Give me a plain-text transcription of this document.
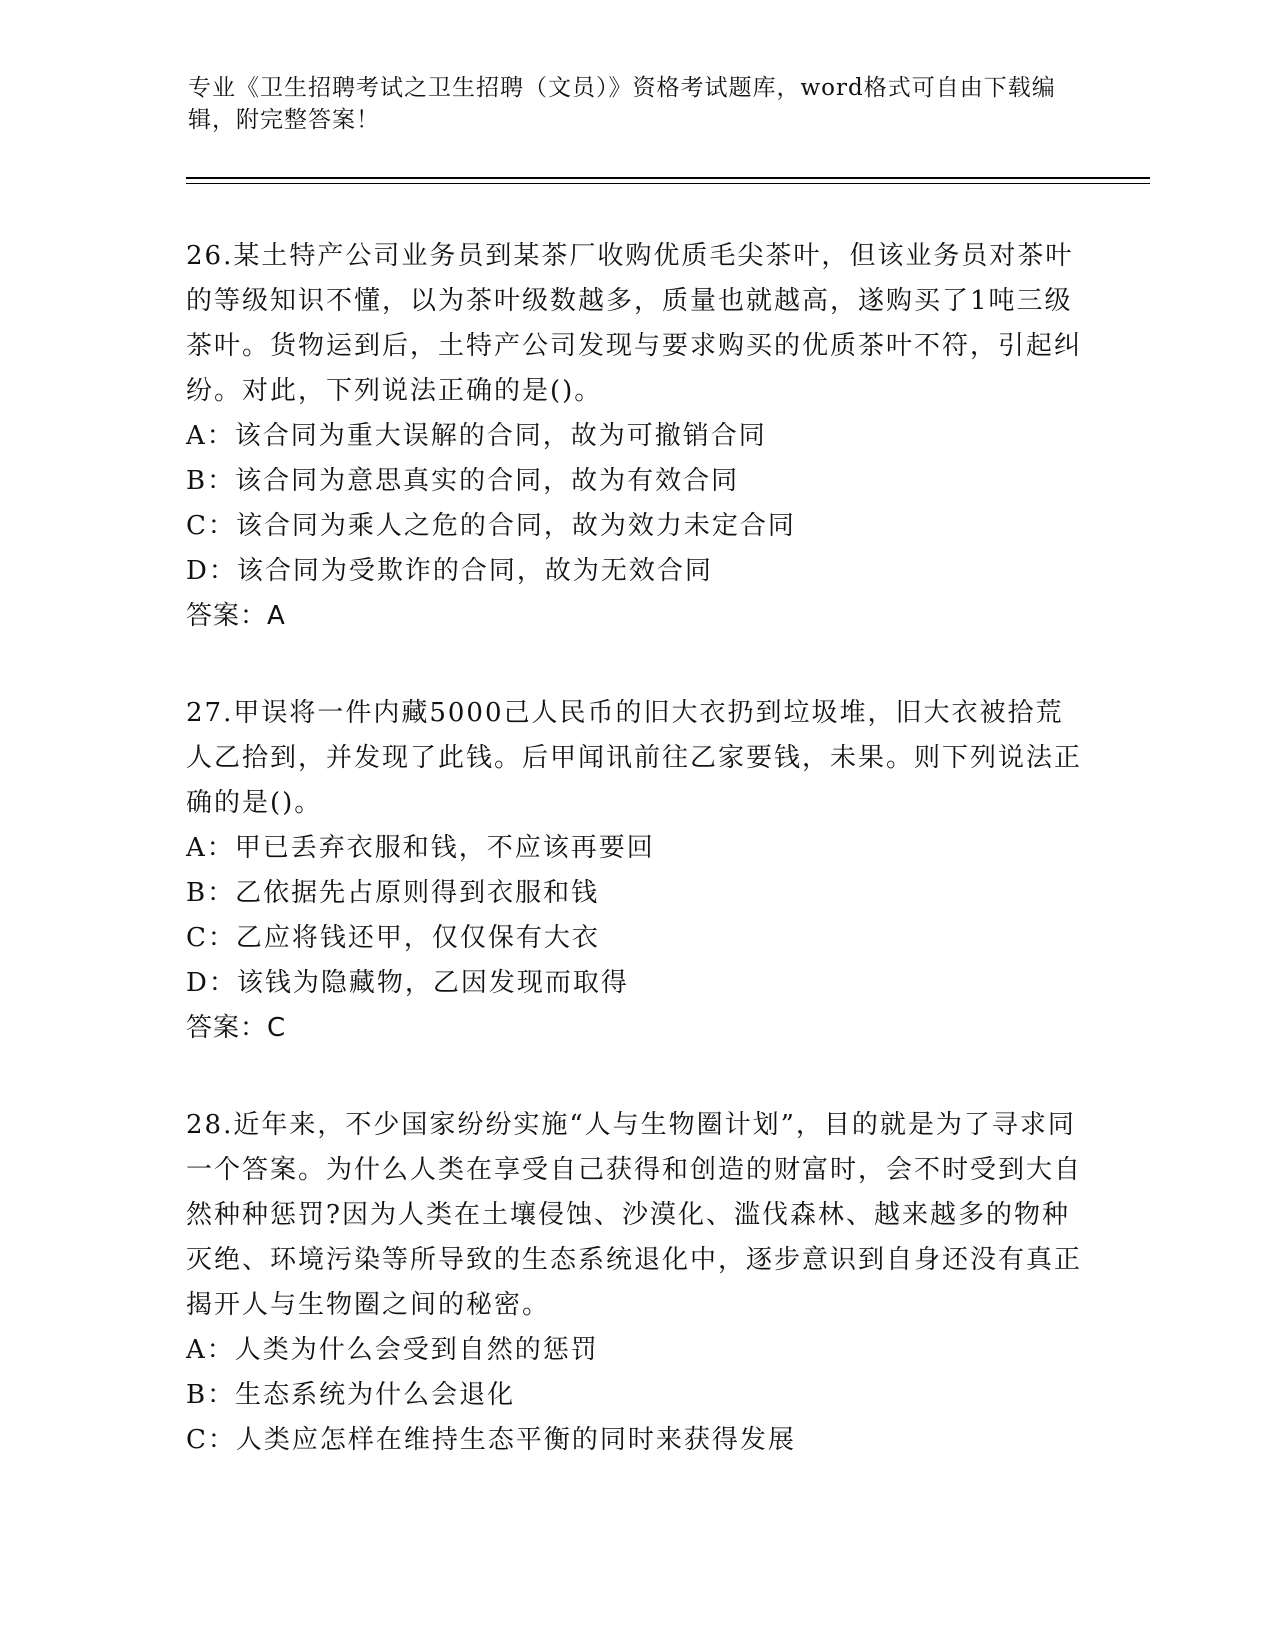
专业《卫生招聘考试之卫生招聘（文员）》资格考试题库，word格式可自由下载编辑，附完整答案！

26.某土特产公司业务员到某茶厂收购优质毛尖茶叶，但该业务员对茶叶的等级知识不懂，以为茶叶级数越多，质量也就越高，遂购买了1吨三级茶叶。货物运到后，土特产公司发现与要求购买的优质茶叶不符，引起纠纷。对此，下列说法正确的是()。

A：该合同为重大误解的合同，故为可撤销合同

B：该合同为意思真实的合同，故为有效合同

C：该合同为乘人之危的合同，故为效力未定合同

D：该合同为受欺诈的合同，故为无效合同

答案：A

27.甲误将一件内藏5000己人民币的旧大衣扔到垃圾堆，旧大衣被拾荒人乙拾到，并发现了此钱。后甲闻讯前往乙家要钱，未果。则下列说法正确的是()。

A：甲已丢弃衣服和钱，不应该再要回

B：乙依据先占原则得到衣服和钱

C：乙应将钱还甲，仅仅保有大衣

D：该钱为隐藏物，乙因发现而取得

答案：C

28.近年来，不少国家纷纷实施“人与生物圈计划”，目的就是为了寻求同一个答案。为什么人类在享受自己获得和创造的财富时，会不时受到大自然种种惩罚?因为人类在土壤侵蚀、沙漠化、滥伐森林、越来越多的物种灭绝、环境污染等所导致的生态系统退化中，逐步意识到自身还没有真正揭开人与生物圈之间的秘密。

A：人类为什么会受到自然的惩罚

B：生态系统为什么会退化

C：人类应怎样在维持生态平衡的同时来获得发展
